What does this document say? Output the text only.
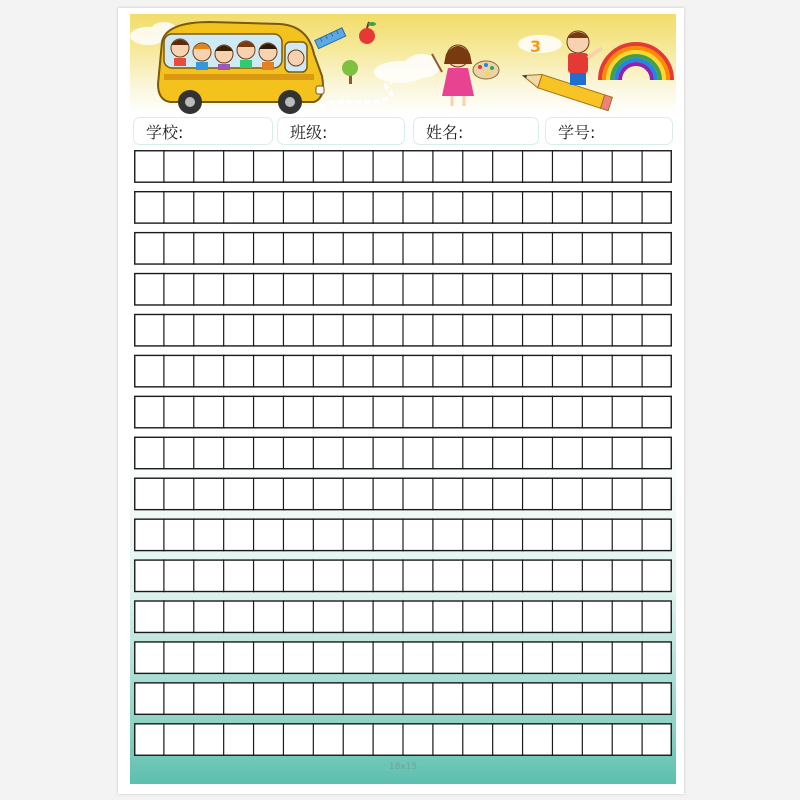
3
2
学校:	班级:	姓名:	学号:
18x15
